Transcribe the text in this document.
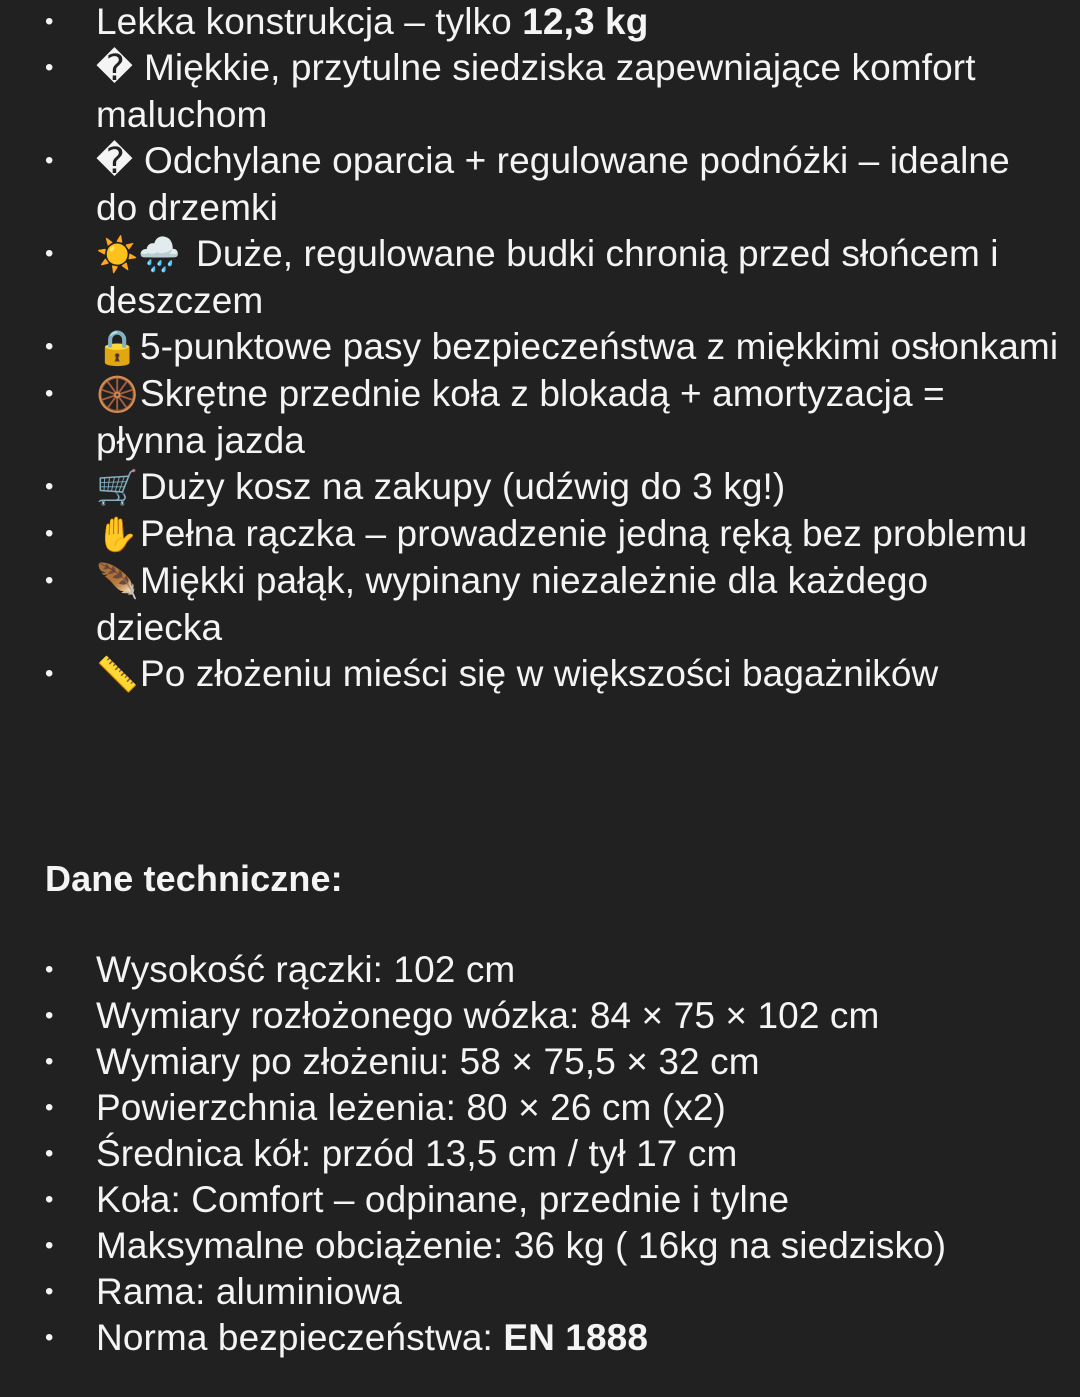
• Lekka konstrukcja – tylko 12,3 kg
• � Miękkie, przytulne siedziska zapewniające komfort maluchom
• � Odchylane oparcia + regulowane podnóżki – idealne do drzemki
• ☀️🌧️ Duże, regulowane budki chronią przed słońcem i deszczem
• 🔒5-punktowe pasy bezpieczeństwa z miękkimi osłonkami
• 🛞Skrętne przednie koła z blokadą + amortyzacja = płynna jazda
• 🛒Duży kosz na zakupy (udźwig do 3 kg!)
• ✋Pełna rączka – prowadzenie jedną ręką bez problemu
• 🪶Miękki pałąk, wypinany niezależnie dla każdego dziecka
• 📏Po złożeniu mieści się w większości bagażników
Dane techniczne:
• Wysokość rączki: 102 cm
• Wymiary rozłożonego wózka: 84 × 75 × 102 cm
• Wymiary po złożeniu: 58 × 75,5 × 32 cm
• Powierzchnia leżenia: 80 × 26 cm (x2)
• Średnica kół: przód 13,5 cm / tył 17 cm
• Koła: Comfort – odpinane, przednie i tylne
• Maksymalne obciążenie: 36 kg ( 16kg na siedzisko)
• Rama: aluminiowa
• Norma bezpieczeństwa: EN 1888
